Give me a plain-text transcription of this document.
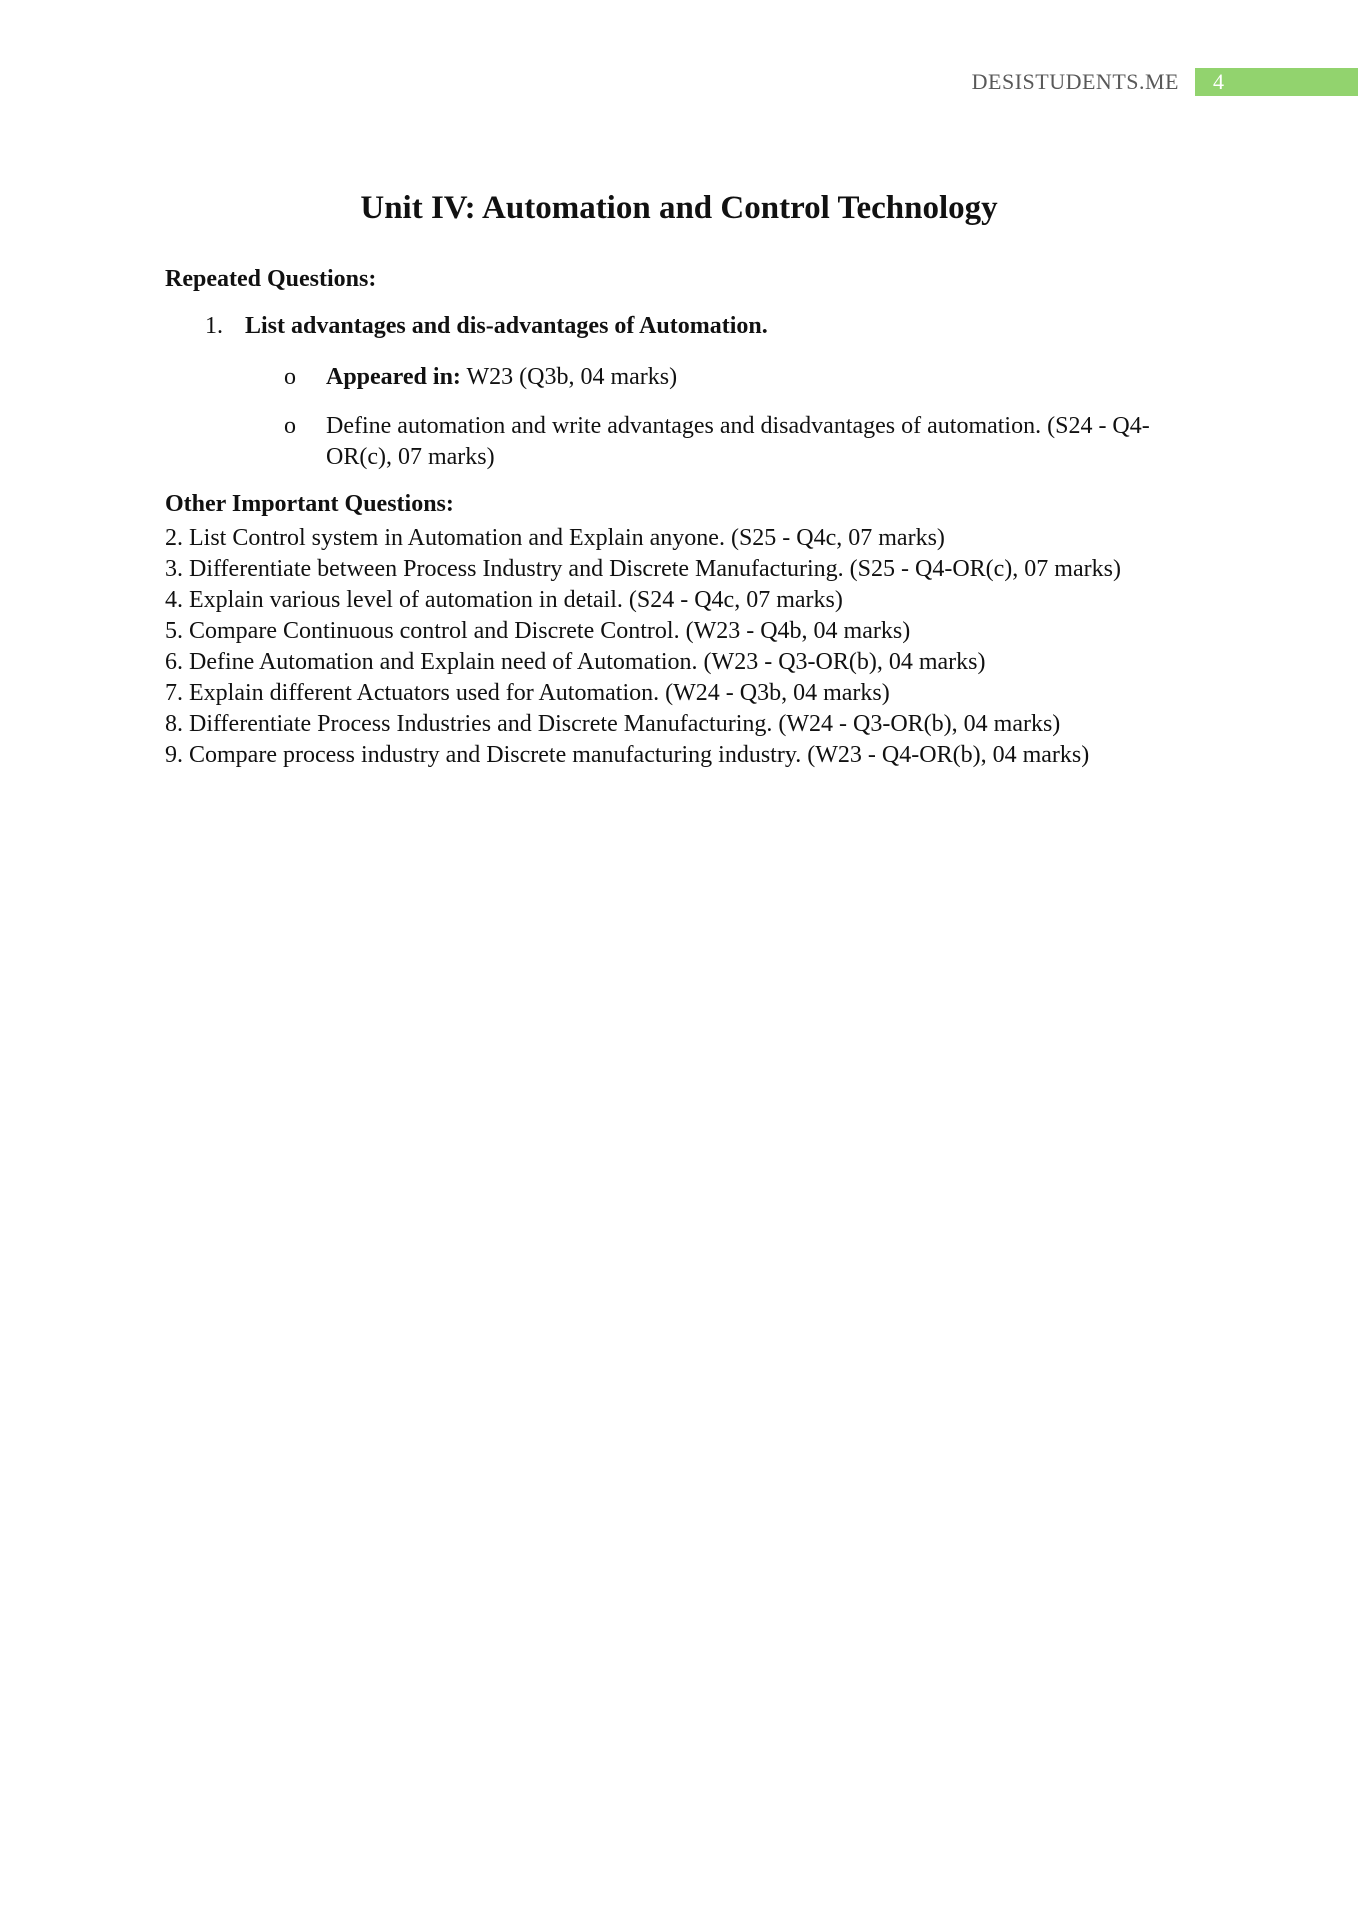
DESISTUDENTS.ME	4
Unit IV: Automation and Control Technology

Repeated Questions:

1. List advantages and dis-advantages of Automation.
o Appeared in: W23 (Q3b, 04 marks)
o Define automation and write advantages and disadvantages of automation. (S24 - Q4-OR(c), 07 marks)

Other Important Questions:

2. List Control system in Automation and Explain anyone. (S25 - Q4c, 07 marks)
3. Differentiate between Process Industry and Discrete Manufacturing. (S25 - Q4-OR(c), 07 marks)
4. Explain various level of automation in detail. (S24 - Q4c, 07 marks)
5. Compare Continuous control and Discrete Control. (W23 - Q4b, 04 marks)
6. Define Automation and Explain need of Automation. (W23 - Q3-OR(b), 04 marks)
7. Explain different Actuators used for Automation. (W24 - Q3b, 04 marks)
8. Differentiate Process Industries and Discrete Manufacturing. (W24 - Q3-OR(b), 04 marks)
9. Compare process industry and Discrete manufacturing industry. (W23 - Q4-OR(b), 04 marks)
